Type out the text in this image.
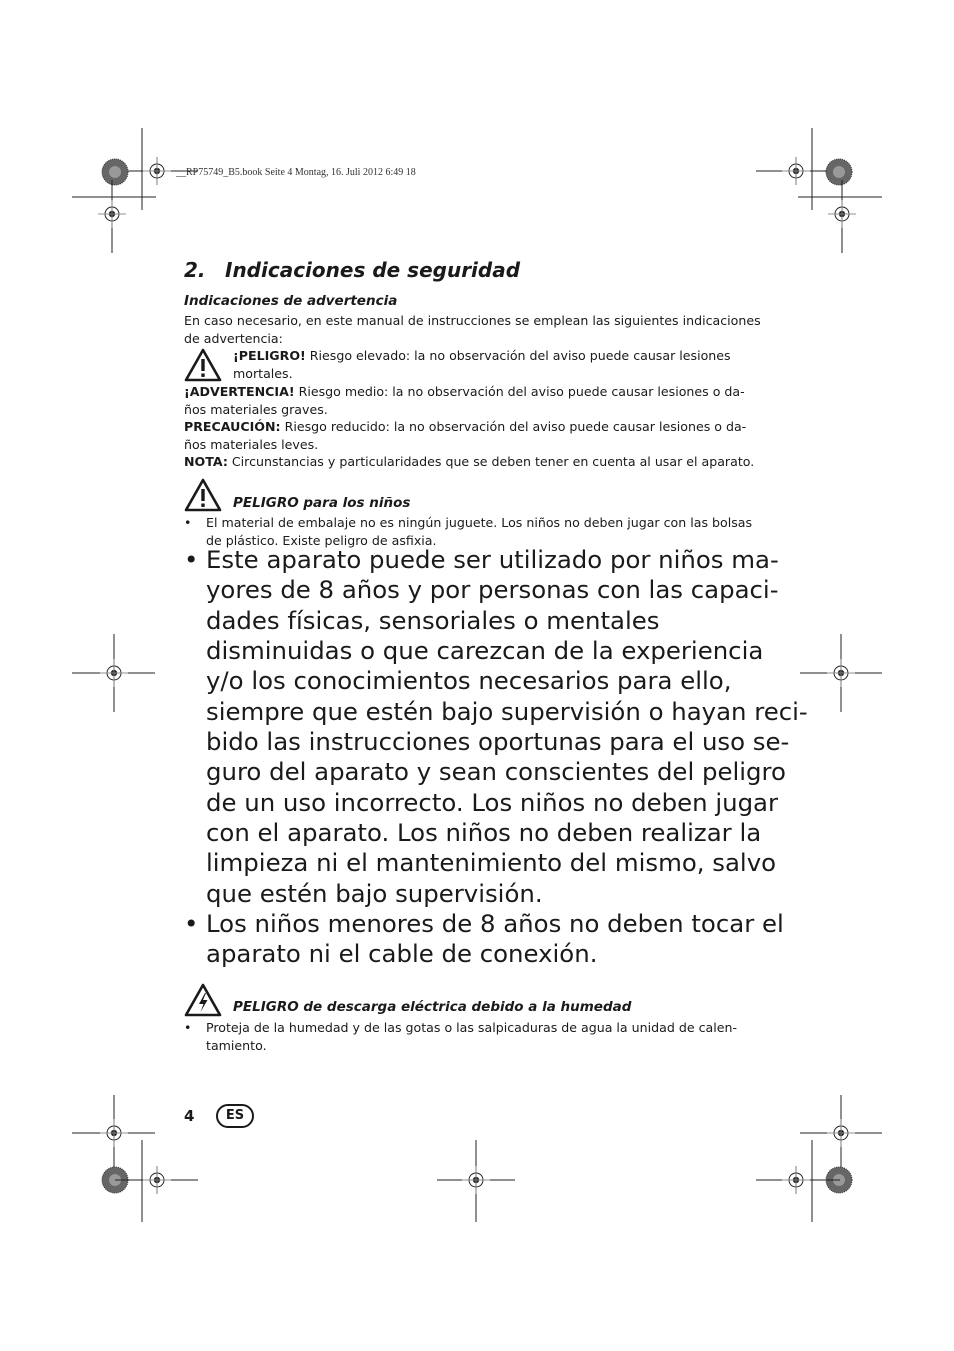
__RP75749_B5.book Seite 4 Montag, 16. Juli 2012 6:49 18
2. Indicaciones de seguridad
Indicaciones de advertencia
En caso necesario, en este manual de instrucciones se emplean las siguientes indicaciones
de advertencia:
¡PELIGRO! Riesgo elevado: la no observación del aviso puede causar lesiones
mortales.
¡ADVERTENCIA! Riesgo medio: la no observación del aviso puede causar lesiones o da-
ños materiales graves.
PRECAUCIÓN: Riesgo reducido: la no observación del aviso puede causar lesiones o da-
ños materiales leves.
NOTA: Circunstancias y particularidades que se deben tener en cuenta al usar el aparato.
PELIGRO para los niños
• El material de embalaje no es ningún juguete. Los niños no deben jugar con las bolsas
de plástico. Existe peligro de asfixia.
• Este aparato puede ser utilizado por niños ma-
yores de 8 años y por personas con las capaci-
dades físicas, sensoriales o mentales
disminuidas o que carezcan de la experiencia
y/o los conocimientos necesarios para ello,
siempre que estén bajo supervisión o hayan reci-
bido las instrucciones oportunas para el uso se-
guro del aparato y sean conscientes del peligro
de un uso incorrecto. Los niños no deben jugar
con el aparato. Los niños no deben realizar la
limpieza ni el mantenimiento del mismo, salvo
que estén bajo supervisión.
• Los niños menores de 8 años no deben tocar el
aparato ni el cable de conexión.
PELIGRO de descarga eléctrica debido a la humedad
• Proteja de la humedad y de las gotas o las salpicaduras de agua la unidad de calen-
tamiento.
4	ES
